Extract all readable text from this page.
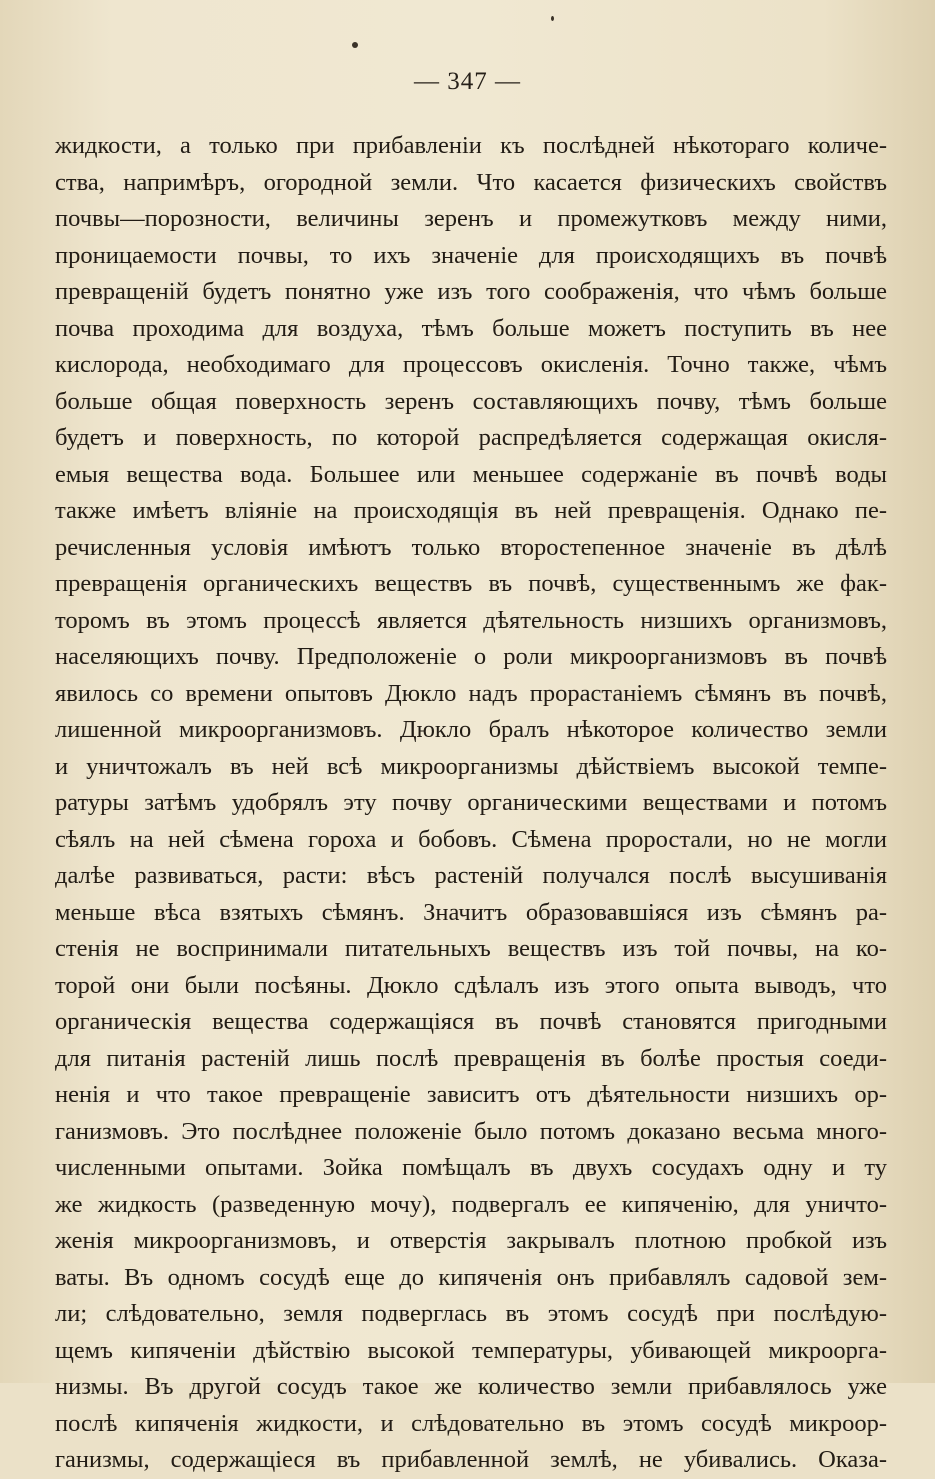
— 347 —
жидкости, а только при прибавленіи къ послѣдней нѣкотораго количе-
ства, напримѣръ, огородной земли. Что касается физическихъ свойствъ
почвы—порозности, величины зеренъ и промежутковъ между ними,
проницаемости почвы, то ихъ значеніе для происходящихъ въ почвѣ
превращеній будетъ понятно уже изъ того соображенія, что чѣмъ больше
почва проходима для воздуха, тѣмъ больше можетъ поступить въ нее
кислорода, необходимаго для процессовъ окисленія. Точно также, чѣмъ
больше общая поверхность зеренъ составляющихъ почву, тѣмъ больше
будетъ и поверхность, по которой распредѣляется содержащая окисля-
емыя вещества вода. Большее или меньшее содержаніе въ почвѣ воды
также имѣетъ вліяніе на происходящія въ ней превращенія. Однако пе-
речисленныя условія имѣютъ только второстепенное значеніе въ дѣлѣ
превращенія органическихъ веществъ въ почвѣ, существеннымъ же фак-
торомъ въ этомъ процессѣ является дѣятельность низшихъ организмовъ,
населяющихъ почву. Предположеніе о роли микроорганизмовъ въ почвѣ
явилось со времени опытовъ Дюкло надъ прорастаніемъ сѣмянъ въ почвѣ,
лишенной микроорганизмовъ. Дюкло бралъ нѣкоторое количество земли
и уничтожалъ въ ней всѣ микроорганизмы дѣйствіемъ высокой темпе-
ратуры затѣмъ удобрялъ эту почву органическими веществами и потомъ
сѣялъ на ней сѣмена гороха и бобовъ. Сѣмена проростали, но не могли
далѣе развиваться, расти: вѣсъ растеній получался послѣ высушиванія
меньше вѣса взятыхъ сѣмянъ. Значитъ образовавшіяся изъ сѣмянъ ра-
стенія не воспринимали питательныхъ веществъ изъ той почвы, на ко-
торой они были посѣяны. Дюкло сдѣлалъ изъ этого опыта выводъ, что
органическія вещества содержащіяся въ почвѣ становятся пригодными
для питанія растеній лишь послѣ превращенія въ болѣе простыя соеди-
ненія и что такое превращеніе зависитъ отъ дѣятельности низшихъ ор-
ганизмовъ. Это послѣднее положеніе было потомъ доказано весьма много-
численными опытами. Зойка помѣщалъ въ двухъ сосудахъ одну и ту
же жидкость (разведенную мочу), подвергалъ ее кипяченію, для уничто-
женія микроорганизмовъ, и отверстія закрывалъ плотною пробкой изъ
ваты. Въ одномъ сосудѣ еще до кипяченія онъ прибавлялъ садовой зем-
ли; слѣдовательно, земля подверглась въ этомъ сосудѣ при послѣдую-
щемъ кипяченіи дѣйствію высокой температуры, убивающей микроорга-
низмы. Въ другой сосудъ такое же количество земли прибавлялось уже
послѣ кипяченія жидкости, и слѣдовательно въ этомъ сосудѣ микроор-
ганизмы, содержащіеся въ прибавленной землѣ, не убивались. Оказа-
